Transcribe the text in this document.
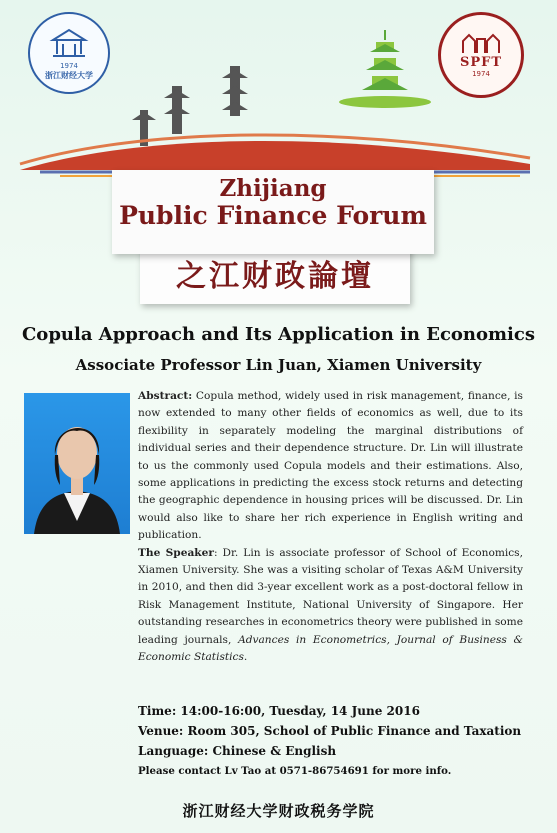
1974
浙江财经大学
SPFT
1974
之江财政論壇
Zhijiang
Public Finance Forum
Copula Approach and Its Application in Economics
Associate Professor Lin Juan, Xiamen University

Abstract: Copula method, widely used in risk management, finance, is now extended to many other fields of economics as well, due to its flexibility in separately modeling the marginal distributions of individual series and their dependence structure. Dr. Lin will illustrate to us the commonly used Copula models and their estimations. Also, some applications in predicting the excess stock returns and detecting the geographic dependence in housing prices will be discussed. Dr. Lin would also like to share her rich experience in English writing and publication.

The Speaker: Dr. Lin is associate professor of School of Economics, Xiamen University. She was a visiting scholar of Texas A&M University in 2010, and then did 3-year excellent work as a post-doctoral fellow in Risk Management Institute, National University of Singapore. Her outstanding researches in econometrics theory were published in some leading journals, Advances in Econometrics, Journal of Business & Economic Statistics.

Time: 14:00-16:00, Tuesday, 14 June 2016
Venue: Room 305, School of Public Finance and Taxation
Language: Chinese & English
Please contact Lv Tao at 0571-86754691 for more info.
浙江财经大学财政税务学院
